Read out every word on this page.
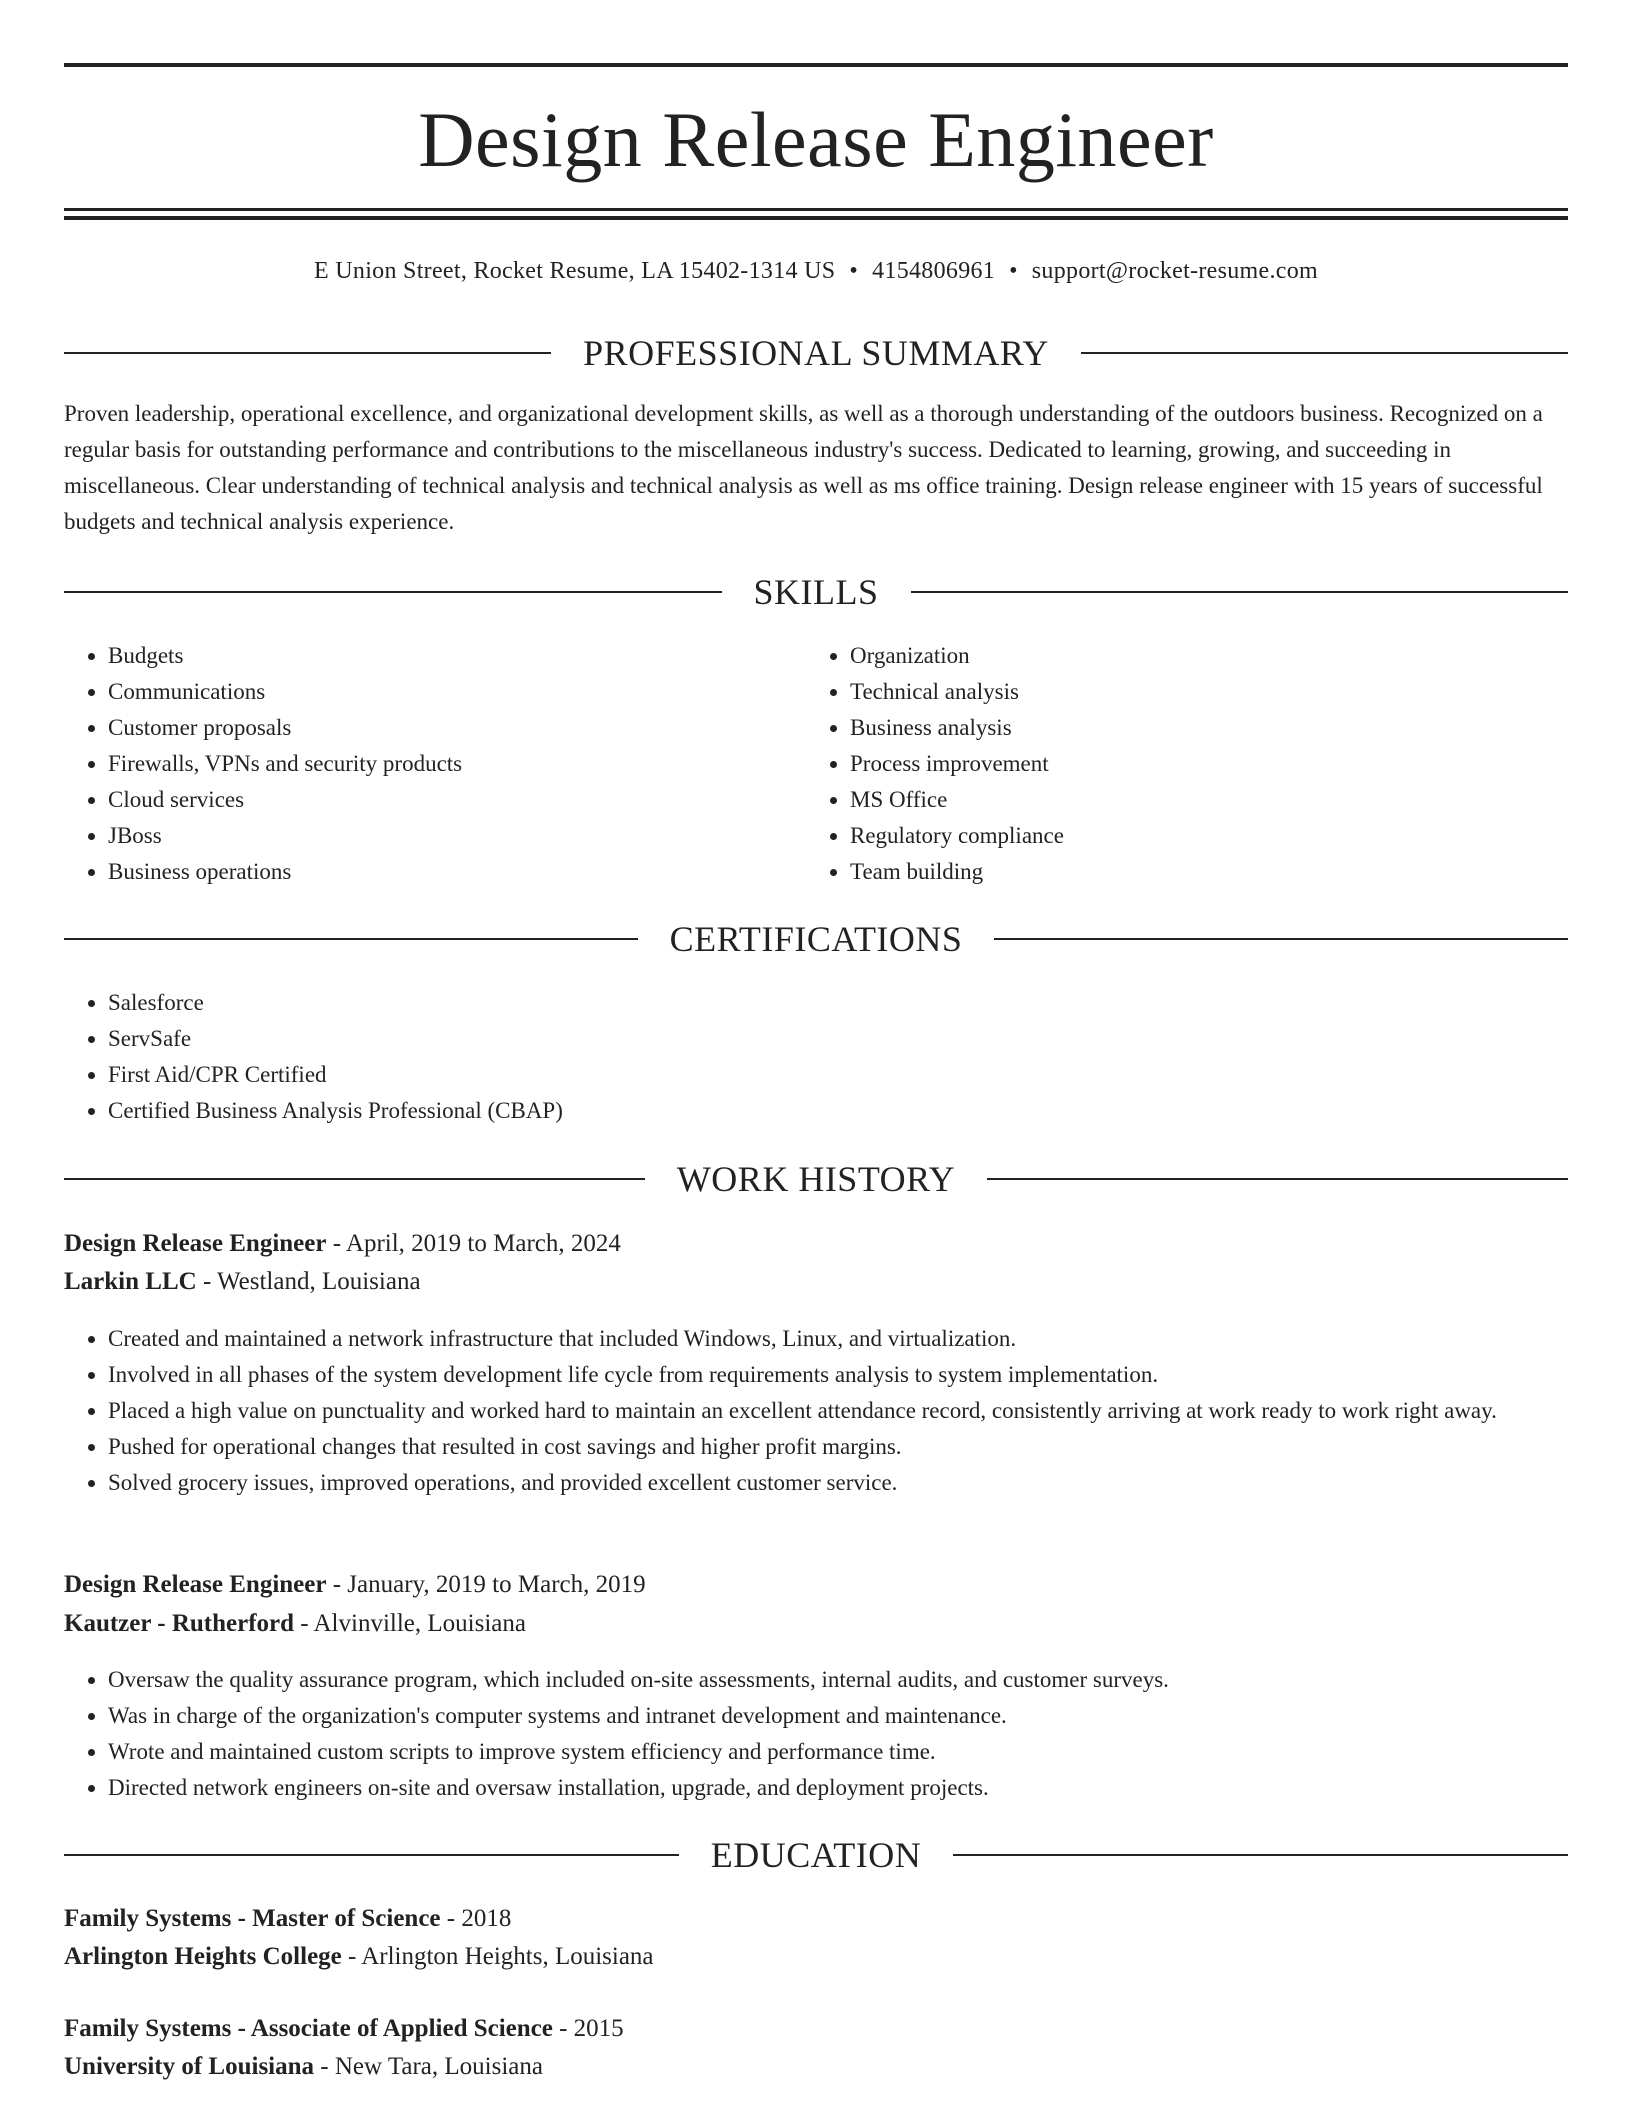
Design Release Engineer
E Union Street, Rocket Resume, LA 15402-1314 US • 4154806961 • support@rocket-resume.com
PROFESSIONAL SUMMARY

Proven leadership, operational excellence, and organizational development skills, as well as a thorough understanding of the outdoors business. Recognized on a regular basis for outstanding performance and contributions to the miscellaneous industry's success. Dedicated to learning, growing, and succeeding in miscellaneous. Clear understanding of technical analysis and technical analysis as well as ms office training. Design release engineer with 15 years of successful budgets and technical analysis experience.

SKILLS
• Budgets
• Communications
• Customer proposals
• Firewalls, VPNs and security products
• Cloud services
• JBoss
• Business operations
• Organization
• Technical analysis
• Business analysis
• Process improvement
• MS Office
• Regulatory compliance
• Team building
CERTIFICATIONS
• Salesforce
• ServSafe
• First Aid/CPR Certified
• Certified Business Analysis Professional (CBAP)
WORK HISTORY
Design Release Engineer - April, 2019 to March, 2024
Larkin LLC - Westland, Louisiana
• Created and maintained a network infrastructure that included Windows, Linux, and virtualization.
• Involved in all phases of the system development life cycle from requirements analysis to system implementation.
• Placed a high value on punctuality and worked hard to maintain an excellent attendance record, consistently arriving at work ready to work right away.
• Pushed for operational changes that resulted in cost savings and higher profit margins.
• Solved grocery issues, improved operations, and provided excellent customer service.
Design Release Engineer - January, 2019 to March, 2019
Kautzer - Rutherford - Alvinville, Louisiana
• Oversaw the quality assurance program, which included on-site assessments, internal audits, and customer surveys.
• Was in charge of the organization's computer systems and intranet development and maintenance.
• Wrote and maintained custom scripts to improve system efficiency and performance time.
• Directed network engineers on-site and oversaw installation, upgrade, and deployment projects.
EDUCATION
Family Systems - Master of Science - 2018
Arlington Heights College - Arlington Heights, Louisiana
Family Systems - Associate of Applied Science - 2015
University of Louisiana - New Tara, Louisiana
